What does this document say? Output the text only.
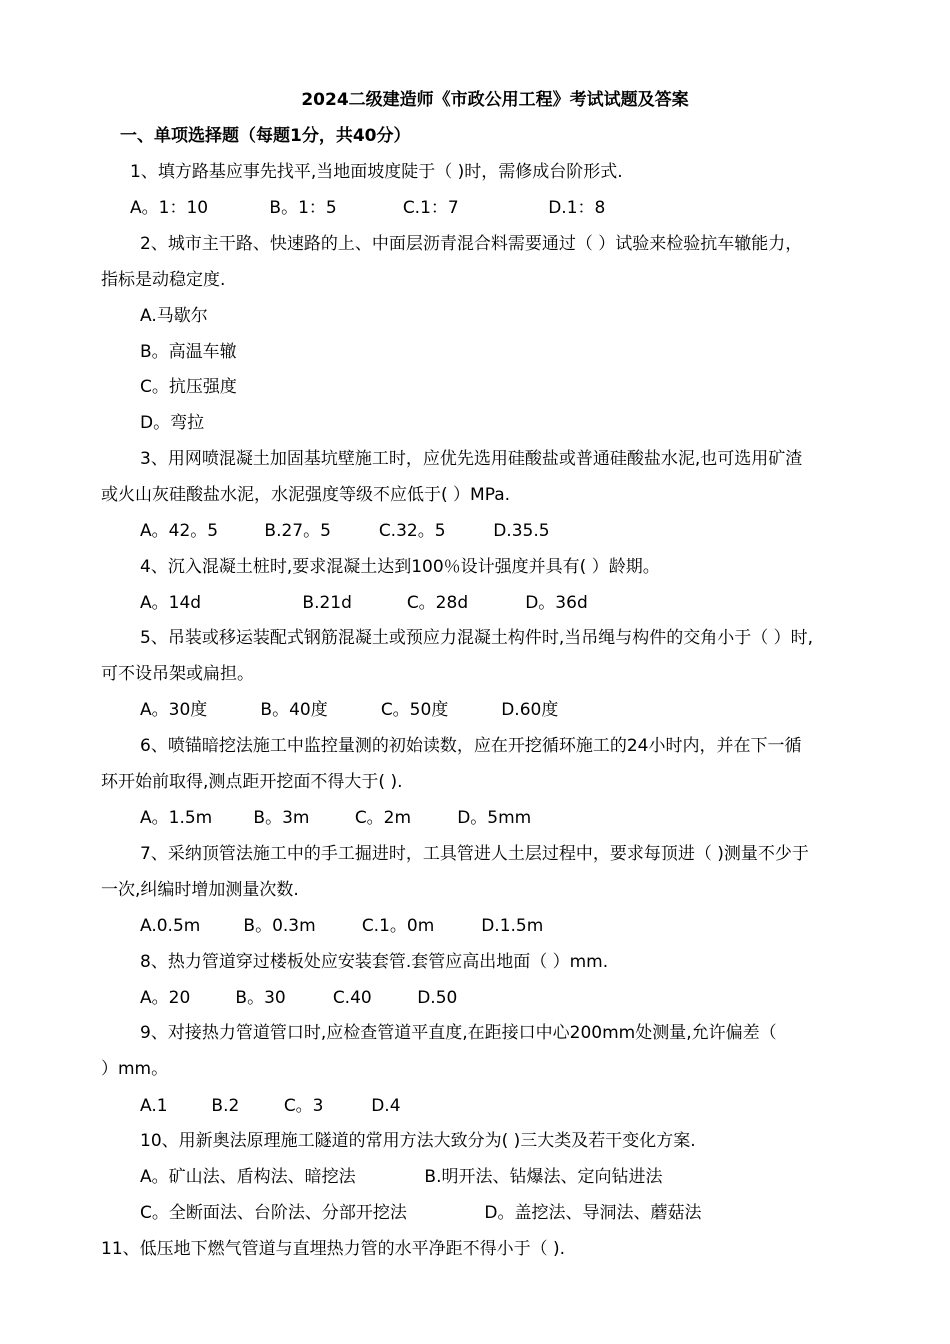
2024二级建造师《市政公用工程》考试试题及答案
一、单项选择题（每题1分，共40分）
1、填方路基应事先找平,当地面坡度陡于（ )时，需修成台阶形式.
A。1：10	B。1：5	C.1：7	D.1：8
2、城市主干路、快速路的上、中面层沥青混合料需要通过（ ）试验来检验抗车辙能力，
指标是动稳定度.
A.马歇尔
B。高温车辙
C。抗压强度
D。弯拉
3、用网喷混凝土加固基坑壁施工时，应优先选用硅酸盐或普通硅酸盐水泥,也可选用矿渣
或火山灰硅酸盐水泥，水泥强度等级不应低于( ）MPa.
A。42。5	B.27。5	C.32。5	D.35.5
4、沉入混凝土桩时,要求混凝土达到100％设计强度并具有( ）龄期。
A。14d	B.21d	C。28d	D。36d
5、吊装或移运装配式钢筋混凝土或预应力混凝土构件时,当吊绳与构件的交角小于（ ）时,
可不设吊架或扁担。
A。30度	B。40度	C。50度	D.60度
6、喷锚暗挖法施工中监控量测的初始读数，应在开挖循环施工的24小时内，并在下一循
环开始前取得,测点距开挖面不得大于( ).
A。1.5m B。3m	C。2m	D。5mm
7、采纳顶管法施工中的手工掘进时，工具管进人土层过程中，要求每顶进（ )测量不少于
一次,纠编时增加测量次数.
A.0.5m	B。0.3m	C.1。0m	D.1.5m
8、热力管道穿过楼板处应安装套管.套管应高出地面（ ）mm.
A。20	B。30	C.40	D.50
9、对接热力管道管口时,应检查管道平直度,在距接口中心200mm处测量,允许偏差（
）mm。
A.1	B.2	C。3	D.4
10、用新奥法原理施工隧道的常用方法大致分为( )三大类及若干变化方案.
A。矿山法、盾构法、暗挖法	B.明开法、钻爆法、定向钻进法
C。全断面法、台阶法、分部开挖法	D。盖挖法、导洞法、蘑菇法
11、低压地下燃气管道与直埋热力管的水平净距不得小于（ ).
